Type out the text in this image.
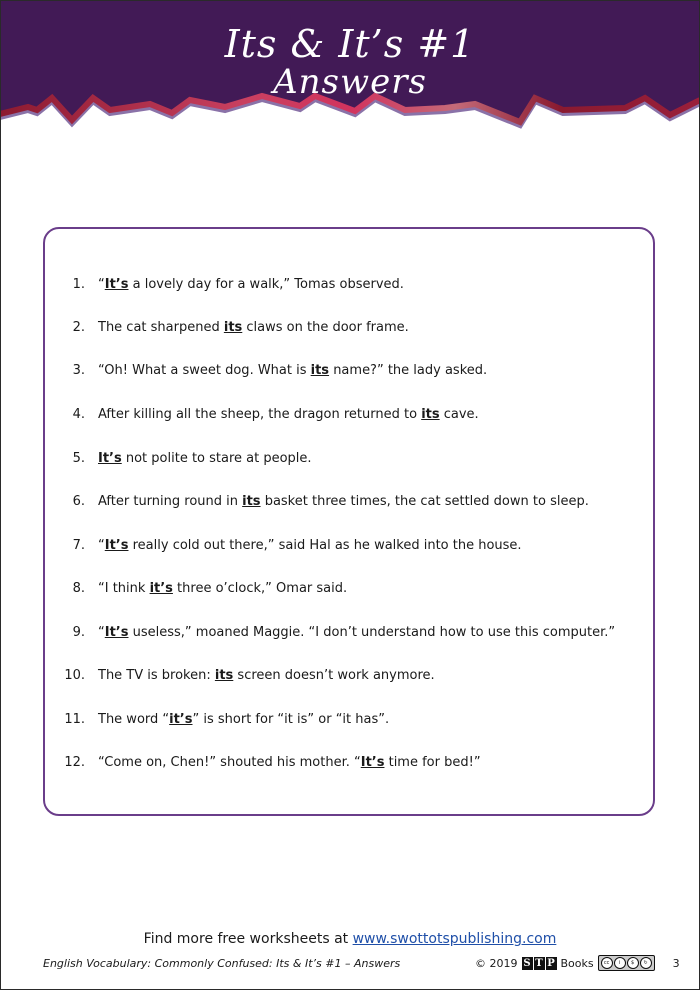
Its & It’s #1
Answers
1. “It’s a lovely day for a walk,” Tomas observed.
2. The cat sharpened its claws on the door frame.
3. “Oh! What a sweet dog. What is its name?” the lady asked.
4. After killing all the sheep, the dragon returned to its cave.
5. It’s not polite to stare at people.
6. After turning round in its basket three times, the cat settled down to sleep.
7. “It’s really cold out there,” said Hal as he walked into the house.
8. “I think it’s three o’clock,” Omar said.
9. “It’s useless,” moaned Maggie. “I don’t understand how to use this computer.”
10. The TV is broken: its screen doesn’t work anymore.
11. The word “it’s” is short for “it is” or “it has”.
12. “Come on, Chen!” shouted his mother. “It’s time for bed!”
Find more free worksheets at www.swottotspublishing.com
English Vocabulary: Commonly Confused: Its & It’s #1 – Answers	© 2019 S T P Books	cc	i	$	↻	3
